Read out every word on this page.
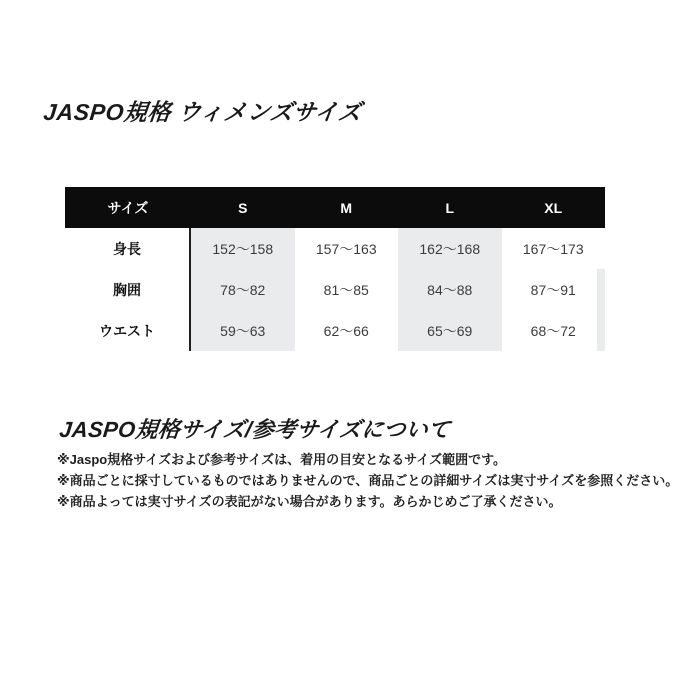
JASPO規格 ウィメンズサイズ
サイズ	S	M	L	XL
身長	152〜158	157〜163	162〜168	167〜173
胸囲	78〜82	81〜85	84〜88	87〜91
ウエスト	59〜63	62〜66	65〜69	68〜72
JASPO規格サイズ/参考サイズについて

※Jaspo規格サイズおよび参考サイズは、着用の目安となるサイズ範囲です。

※商品ごとに採寸しているものではありませんので、商品ごとの詳細サイズは実寸サイズを参照ください。

※商品よっては実寸サイズの表記がない場合があります。あらかじめご了承ください。
